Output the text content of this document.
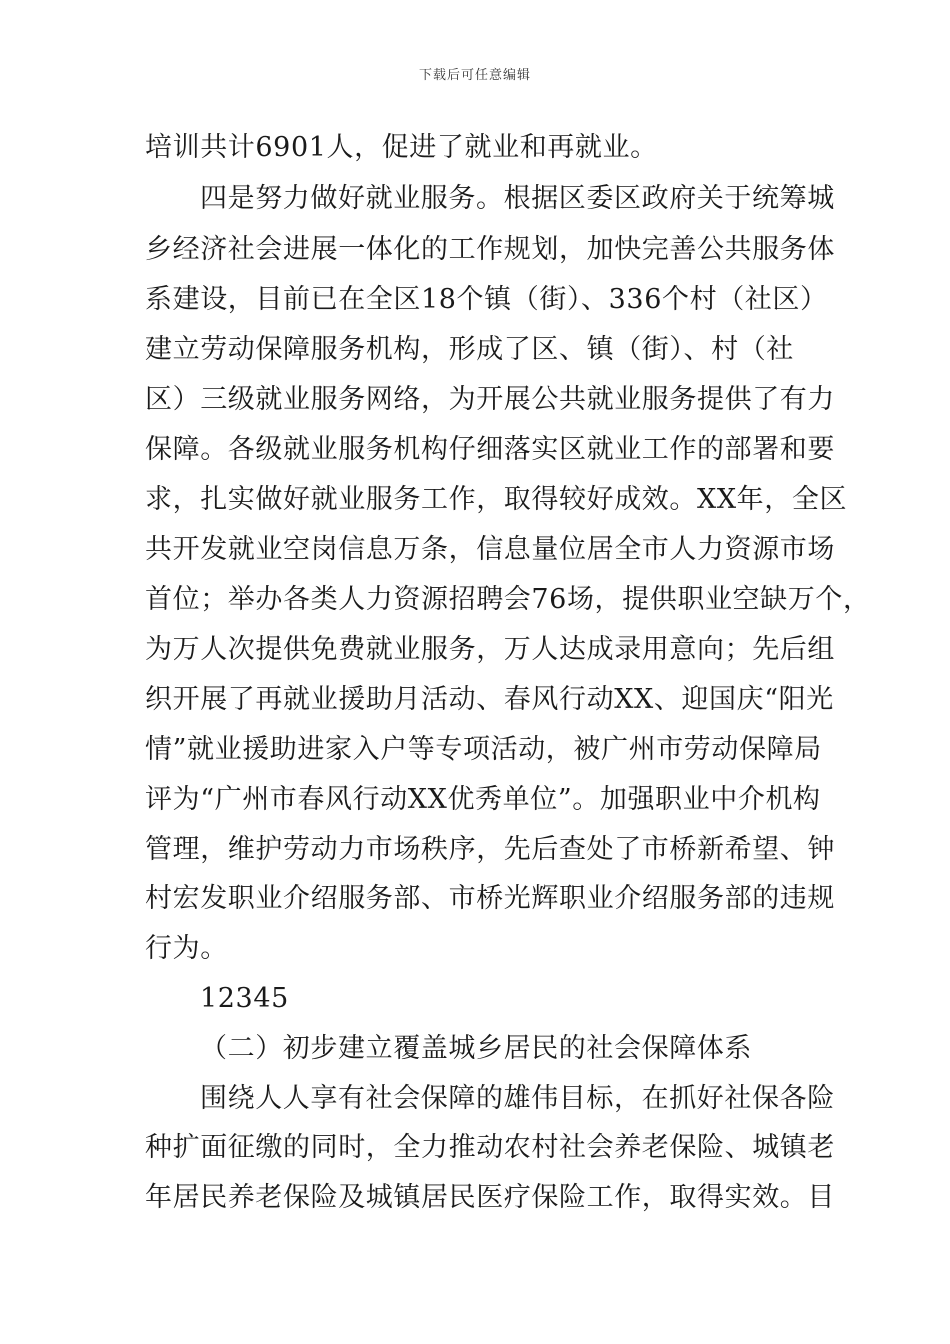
下载后可任意编辑
培训共计6901人，促进了就业和再就业。
四是努力做好就业服务。根据区委区政府关于统筹城
乡经济社会进展一体化的工作规划，加快完善公共服务体
系建设，目前已在全区18个镇（街）、336个村（社区）
建立劳动保障服务机构，形成了区、镇（街）、村（社
区）三级就业服务网络，为开展公共就业服务提供了有力
保障。各级就业服务机构仔细落实区就业工作的部署和要
求，扎实做好就业服务工作，取得较好成效。XX年，全区
共开发就业空岗信息万条，信息量位居全市人力资源市场
首位；举办各类人力资源招聘会76场，提供职业空缺万个，
为万人次提供免费就业服务，万人达成录用意向；先后组
织开展了再就业援助月活动、春风行动XX、迎国庆“阳光
情”就业援助进家入户等专项活动，被广州市劳动保障局
评为“广州市春风行动XX优秀单位”。加强职业中介机构
管理，维护劳动力市场秩序，先后查处了市桥新希望、钟
村宏发职业介绍服务部、市桥光辉职业介绍服务部的违规
行为。
12345
（二）初步建立覆盖城乡居民的社会保障体系
围绕人人享有社会保障的雄伟目标，在抓好社保各险
种扩面征缴的同时，全力推动农村社会养老保险、城镇老
年居民养老保险及城镇居民医疗保险工作，取得实效。目
